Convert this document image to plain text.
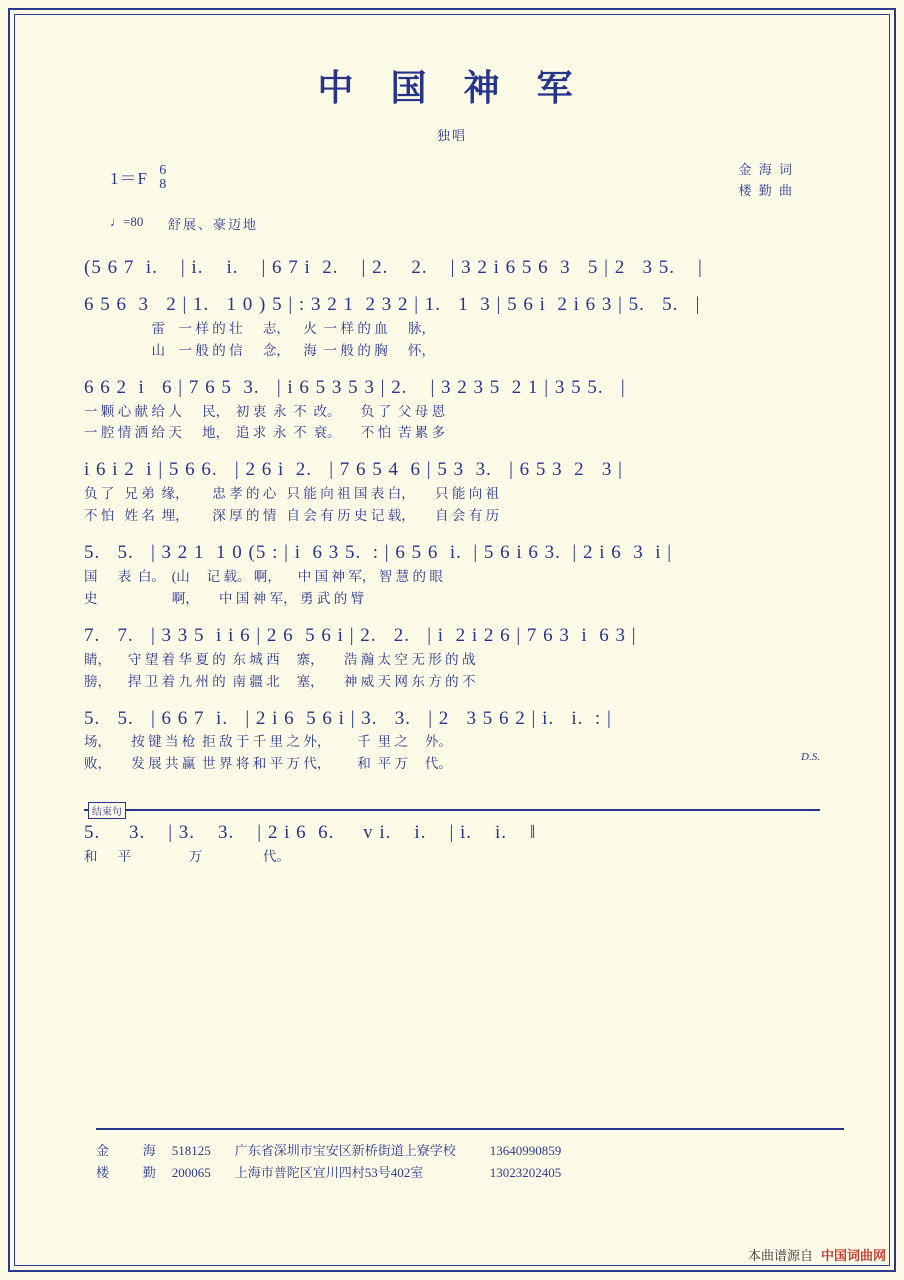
中 国 神 军
独唱
1＝F 6
8
金 海 词
楼 勤 曲
♩=80 舒展、豪迈地
(5 6 7  i.    | i.    i.    | 6 7 i  2.    | 2.    2.    | 3 2 i 6 5 6  3   5 | 2   3 5.    |
6 5 6  3   2 | 1.   1 0 ) 5 | : 3 2 1  2 3 2 | 1.   1  3 | 5 6 i  2 i 6 3 | 5.   5.   |
雷    一 样 的 壮      志，    火  一 样 的 血      脉，
山    一 般 的 信      念，    海  一 般 的 胸      怀，
6 6 2  i   6 | 7 6 5  3.   | i 6 5 3 5 3 | 2.    | 3 2 3 5  2 1 | 3 5 5.   |
一 颗 心 献 给 人      民，  初 衷  永  不  改。      负 了  父 母 恩
一 腔 情 洒 给 天      地，  追 求  永  不  衰。      不 怕  苦 累 多
i 6 i 2  i | 5 6 6.   | 2 6 i  2.   | 7 6 5 4  6 | 5 3  3.   | 6 5 3  2   3 |
负 了   兄 弟  缘，       忠 孝 的 心   只 能 向 祖 国 表 白，      只 能 向 祖
不 怕   姓 名  埋，       深 厚 的 情   自 会 有 历 史 记 载，      自 会 有 历
5.   5.   | 3 2 1  1 0 (5 : | i  6 3 5.  : | 6 5 6  i.  | 5 6 i 6 3.  | 2 i 6  3  i |
国      表  白。  (山     记 载。 啊，     中 国 神 军， 智 慧 的 眼
史                      啊，      中 国 神 军， 勇 武 的 臂
7.   7.   | 3 3 5  i i 6 | 2 6  5 6 i | 2.   2.   | i  2 i 2 6 | 7 6 3  i  6 3 |
睛，     守 望 着 华 夏 的  东 城 西     寨，      浩 瀚 太 空 无 形 的 战
膀，     捍 卫 着 九 州 的  南 疆 北     塞，      神 威 天 网 东 方 的 不
5.   5.   | 6 6 7  i.   | 2 i 6  5 6 i | 3.   3.   | 2   3 5 6 2 | i.   i.  : |
场，      按 键 当 枪  拒 敌 于 千 里 之 外，        千  里 之     外。
败，      发 展 共 赢  世 界 将 和 平 万 代，        和  平 万     代。	D.S.
结束句
5.     3.    | 3.    3.    | 2 i 6  6.     v i.    i.    | i.    i.    ‖
和      平                 万                  代。
金   海	518125	广东省深圳市宝安区新桥街道上寮学校	13640990859
楼   勤	200065	上海市普陀区宜川四村53号402室	13023202405
本曲谱源自 中国词曲网
